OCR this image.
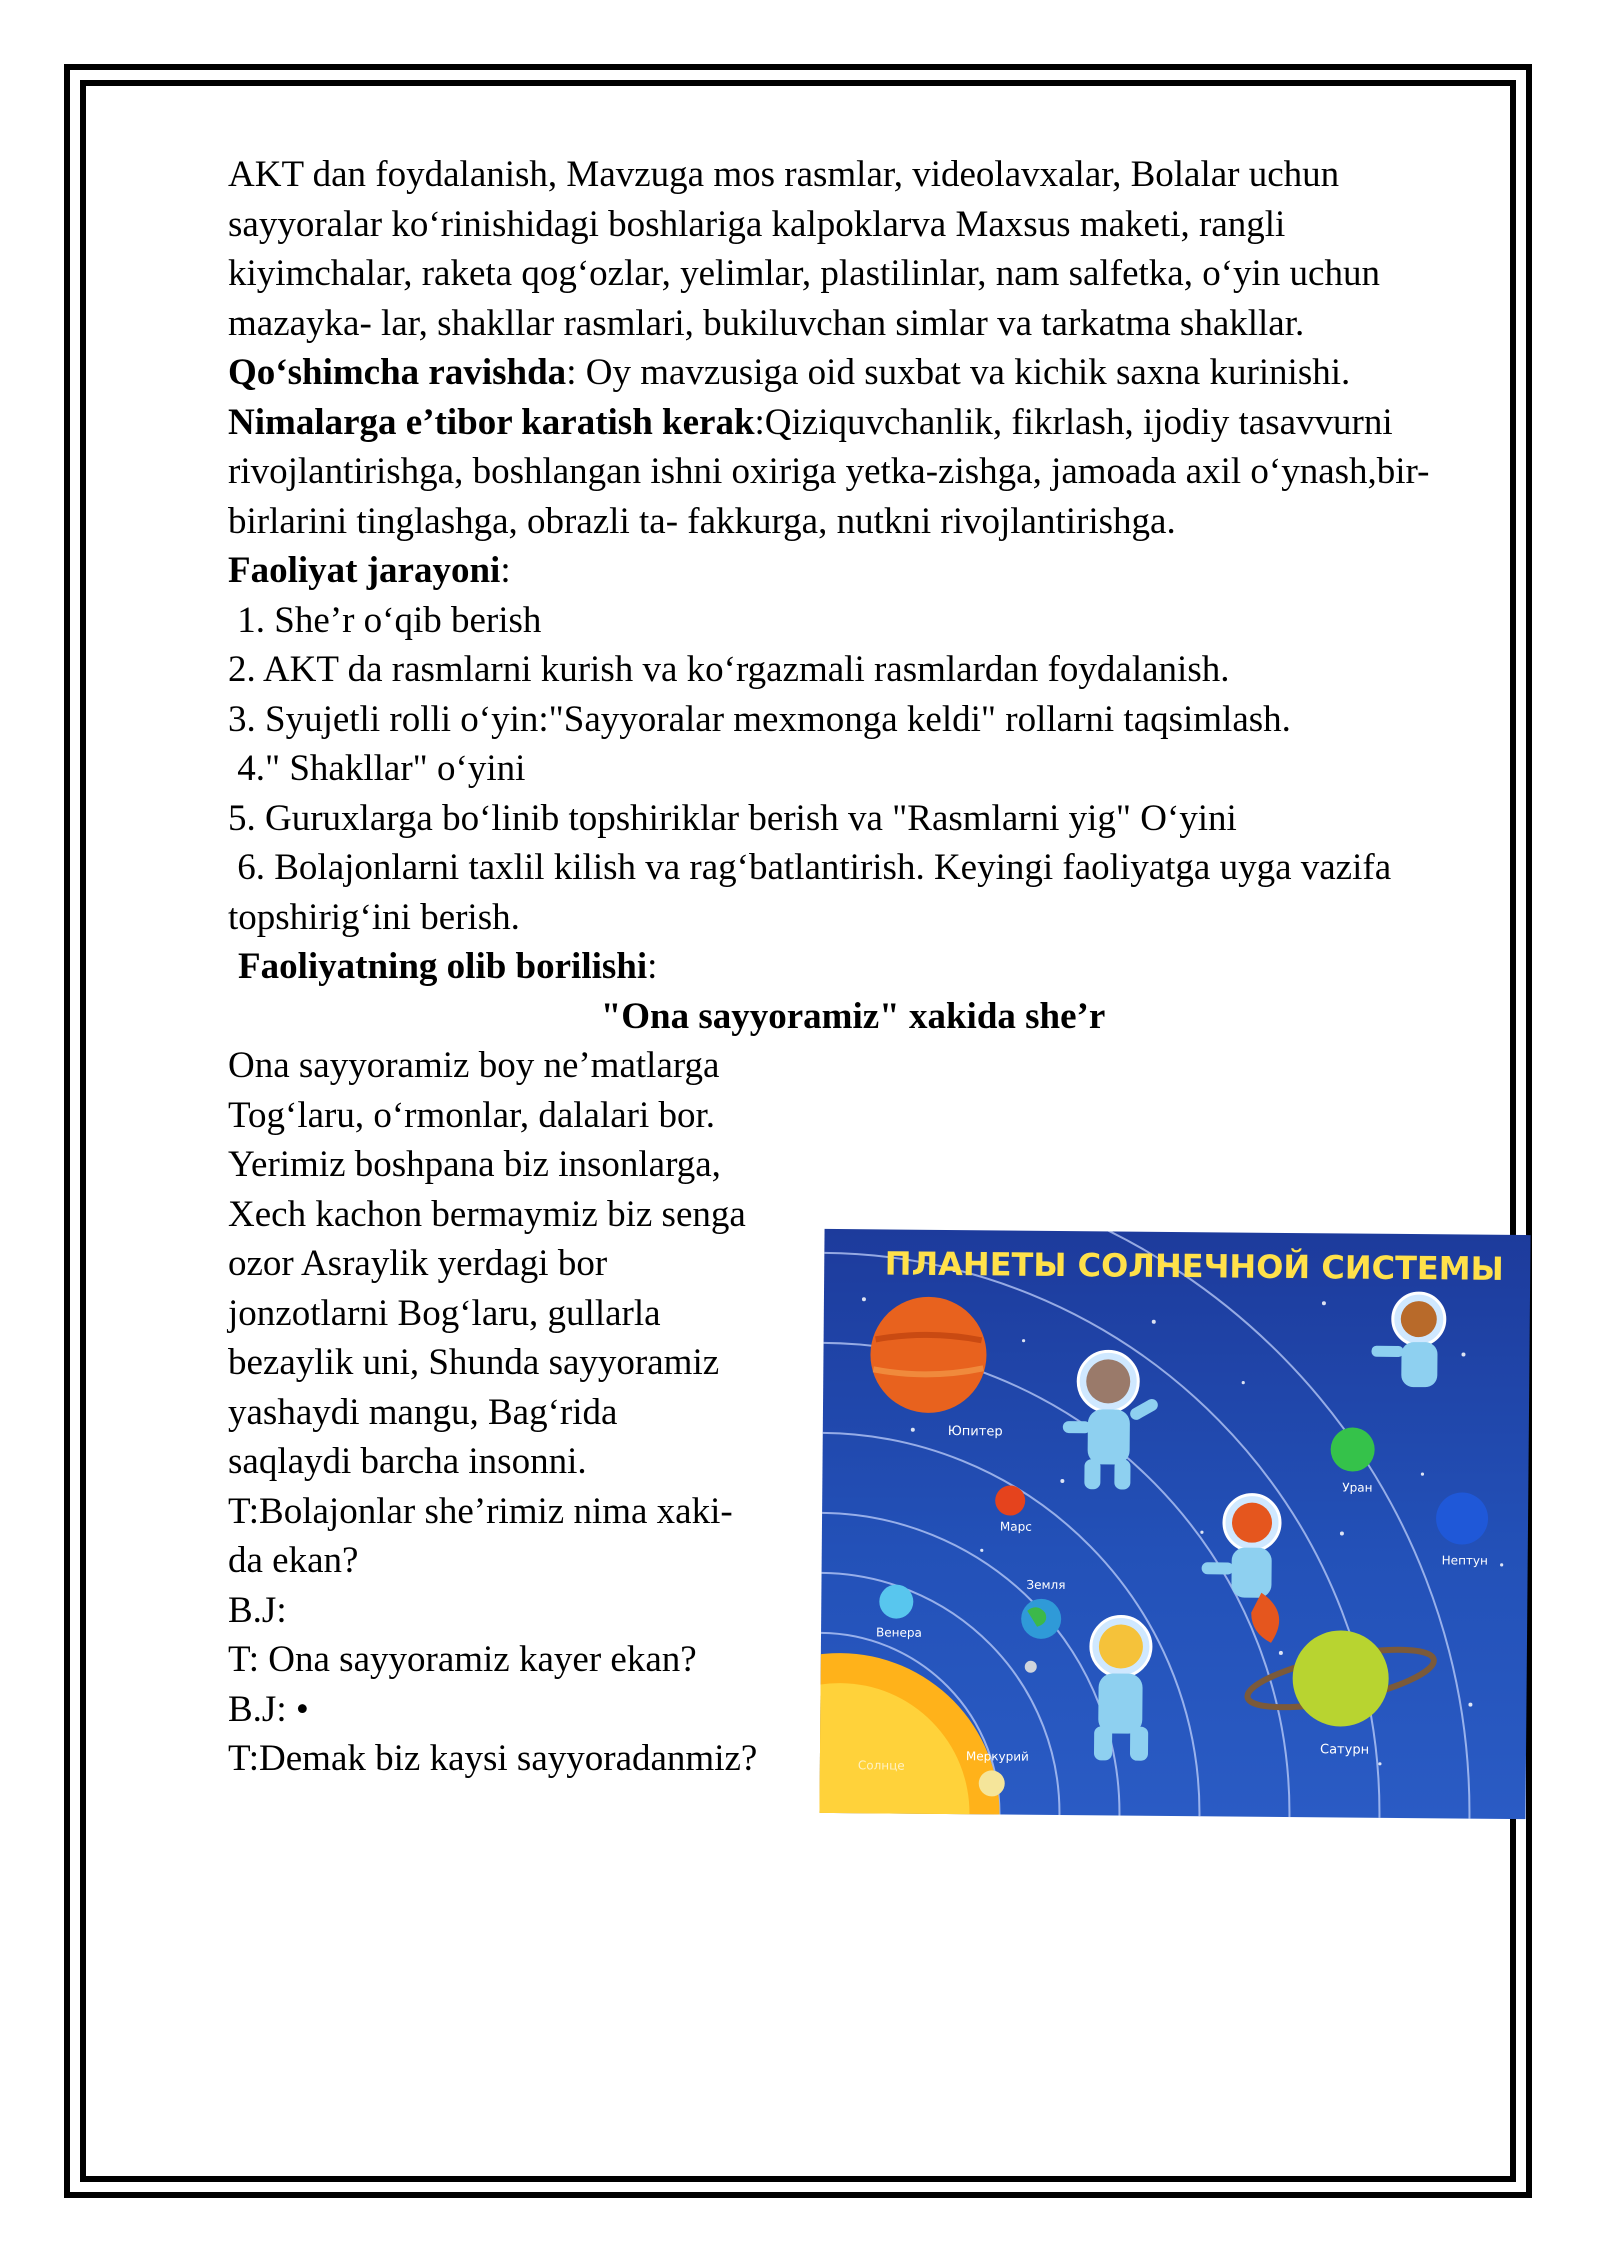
AKT dan foydalanish, Mavzuga mos rasmlar, videolavxalar, Bolalar uchun sayyoralar ko‘rinishidagi boshlariga kalpoklarva Maxsus maketi, rangli kiyimchalar, raketa qog‘ozlar, yelimlar, plastilinlar, nam salfetka, o‘yin uchun mazayka- lar, shakllar rasmlari, bukiluvchan simlar va tarkatma shakllar.

Qo‘shimcha ravishda: Oy mavzusiga oid suxbat va kichik saxna kurinishi.

Nimalarga e’tibor karatish kerak:Qiziquvchanlik, fikrlash, ijodiy tasavvurni rivojlantirishga, boshlangan ishni oxiriga yetka-zishga, jamoada axil o‘ynash,bir-birlarini tinglashga, obrazli ta- fakkurga, nutkni rivojlantirishga.

Faoliyat jarayoni:

1. She’r o‘qib berish

2. AKT da rasmlarni kurish va ko‘rgazmali rasmlardan foydalanish.

3. Syujetli rolli o‘yin:"Sayyoralar mexmonga keldi" rollarni taqsimlash.

4." Shakllar" o‘yini

5. Guruxlarga bo‘linib topshiriklar berish va "Rasmlarni yig" O‘yini

6. Bolajonlarni taxlil kilish va rag‘batlantirish. Keyingi faoliyatga uyga vazifa topshirig‘ini berish.

Faoliyatning olib borilishi:

"Ona sayyoramiz" xakida she’r

Ona sayyoramiz boy ne’matlarga Tog‘laru, o‘rmonlar, dalalari bor. Yerimiz boshpana biz insonlarga, Xech kachon bermaymiz biz senga ozor Asraylik yerdagi bor jonzotlarni Bog‘laru, gullarla bezaylik uni, Shunda sayyoramiz yashaydi mangu, Bag‘rida saqlaydi barcha insonni.

T:Bolajonlar she’rimiz nima xaki- da ekan?

B.J:

T: Ona sayyoramiz kayer ekan?

B.J: •

T:Demak biz kaysi sayyoradanmiz?

ПЛАНЕТЫ СОЛНЕЧНОЙ СИСТЕМЫ
Юпитер
Марс
Земля
Венера
Меркурий
Солнце
Уран
Нептун
Сатурн
